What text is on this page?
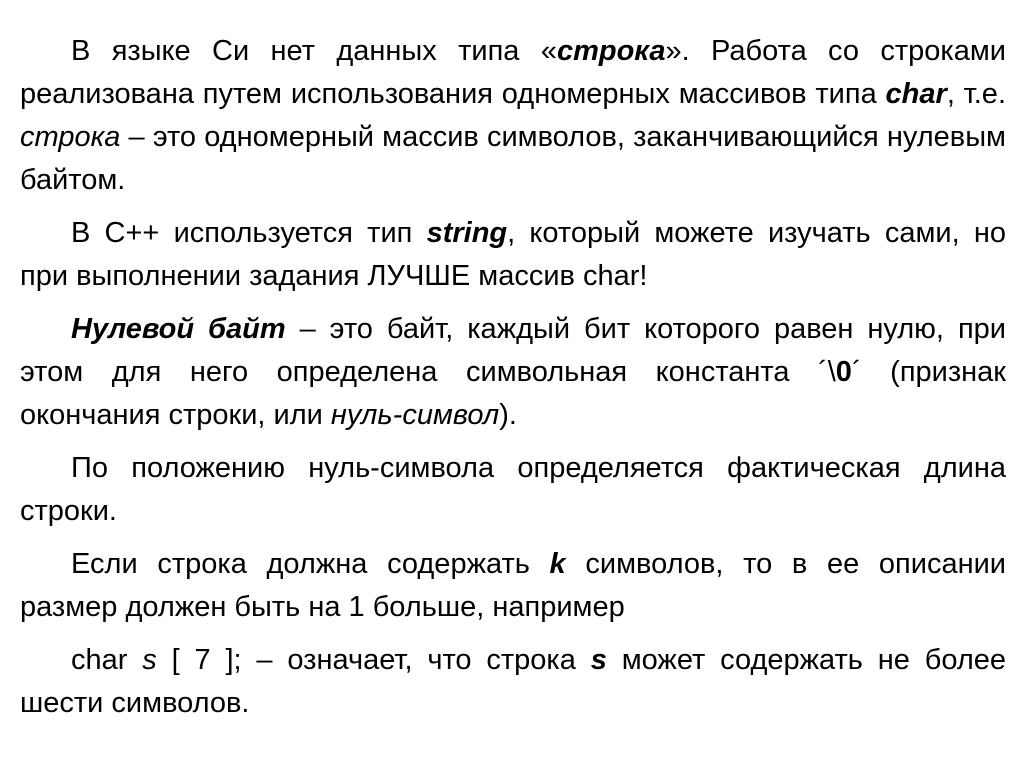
В языке Си нет данных типа «строка». Работа со строками реализована путем использования одномерных массивов типа char, т.е. строка – это одномерный массив символов, заканчивающийся нулевым байтом.

В С++ используется тип string, который можете изучать сами, но при выполнении задания ЛУЧШЕ массив char!

Нулевой байт – это байт, каждый бит которого равен нулю, при этом для него определена символьная константа ´\0´ (признак окончания строки, или нуль-символ).

По положению нуль-символа определяется фактическая длина строки.

Если строка должна содержать k символов, то в ее описании размер должен быть на 1 больше, например

char s [ 7 ]; – означает, что строка s может содержать не более шести символов.
